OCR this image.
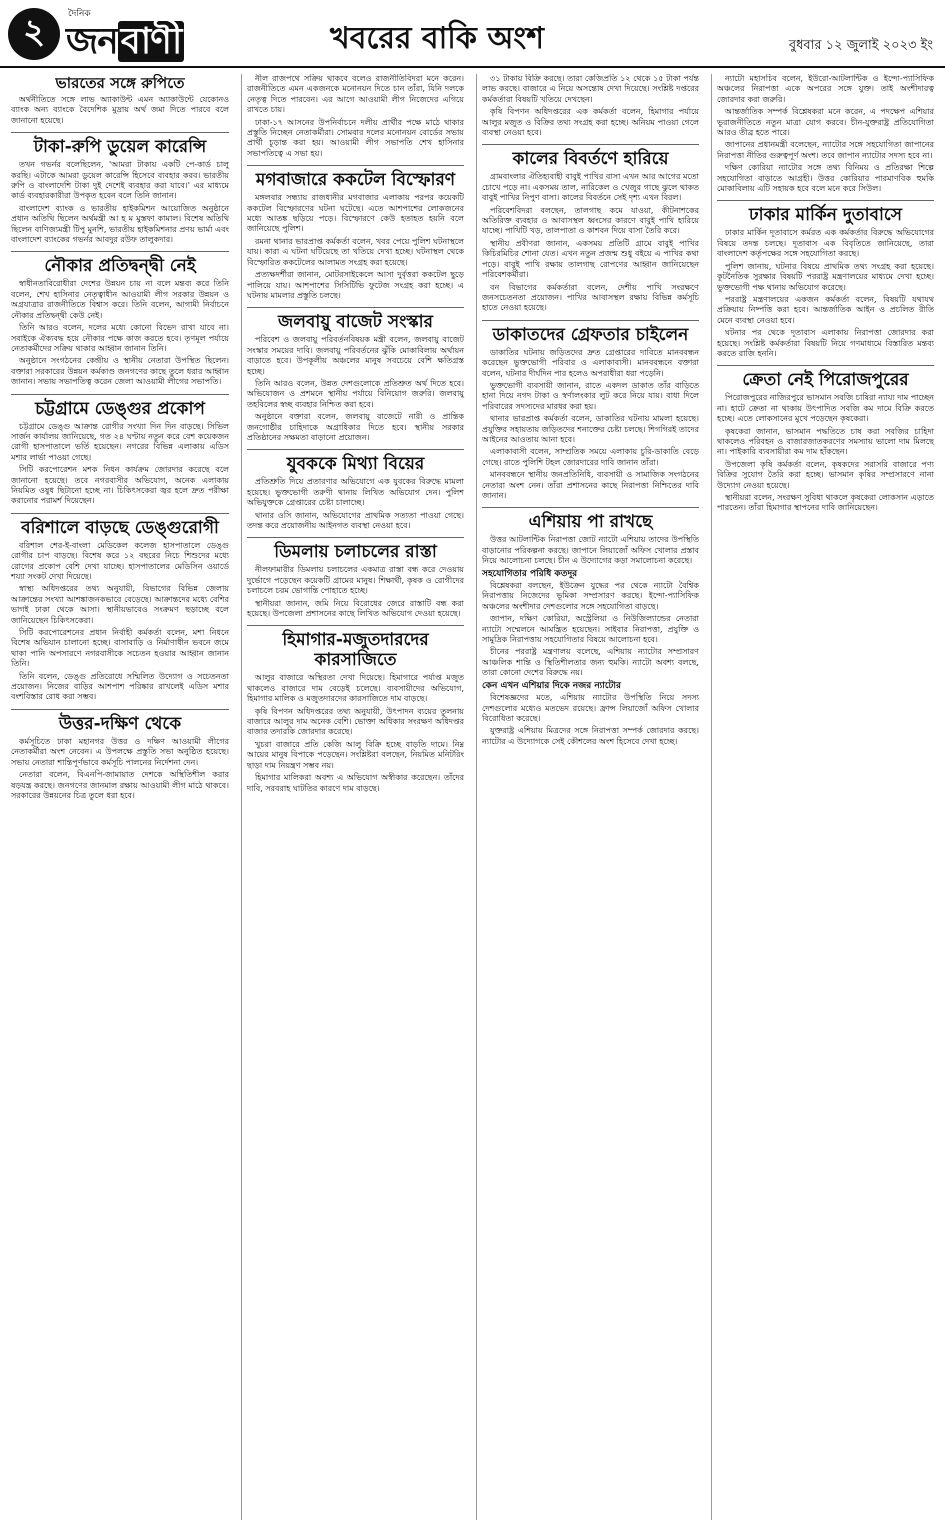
২	দৈনিক
জনবাণী	খবরের বাকি অংশ	বুধবার ১২ জুলাই ২০২৩ ইং
ভারতের সঙ্গে রুপিতে

অর্থনীতিতে সঙ্গে লাভ অ্যাকাউন্ট এমন অ্যাকাউন্টে যেকোনও ব্যাংক অন্য ব্যাংকে বৈদেশিক মুদ্রায় অর্থ জমা দিতে পারবে বলে জানানো হয়েছে।

টাকা-রুপি ডুয়েল কারেন্সি

তখন গভর্নর বলেছিলেন, 'আমরা টাকায় একটি পে-কার্ড চালু করছি। এটাকে আমরা ডুয়েল কারেন্সি হিসেবে ব্যবহার করব। ভারতীয় রুপি ও বাংলাদেশি টাকা দুই দেশেই ব্যবহার করা যাবে।' এর মাধ্যমে কার্ড ব্যবহারকারীরা উপকৃত হবেন বলে তিনি জানান।

বাংলাদেশ ব্যাংক ও ভারতীয় হাইকমিশন আয়োজিত অনুষ্ঠানে প্রধান অতিথি ছিলেন অর্থমন্ত্রী আ হ ম মুস্তফা কামাল। বিশেষ অতিথি ছিলেন বাণিজ্যমন্ত্রী টিপু মুনশি, ভারতীয় হাইকমিশনার প্রণয় ভার্মা এবং বাংলাদেশ ব্যাংকের গভর্নর আবদুর রউফ তালুকদার।

নৌকার প্রতিদ্বন্দ্বী নেই

স্বাধীনতাবিরোধীরা দেশের উন্নয়ন চায় না বলে মন্তব্য করে তিনি বলেন, শেখ হাসিনার নেতৃত্বাধীন আওয়ামী লীগ সরকার উন্নয়ন ও অগ্রযাত্রার রাজনীতিতে বিশ্বাস করে। তিনি বলেন, আগামী নির্বাচনে নৌকার প্রতিদ্বন্দ্বী কেউ নেই।

তিনি আরও বলেন, দলের মধ্যে কোনো বিভেদ রাখা যাবে না। সবাইকে ঐক্যবদ্ধ হয়ে নৌকার পক্ষে কাজ করতে হবে। তৃণমূল পর্যায়ে নেতাকর্মীদের সক্রিয় থাকার আহ্বান জানান তিনি।

অনুষ্ঠানে সংগঠনের কেন্দ্রীয় ও স্থানীয় নেতারা উপস্থিত ছিলেন। বক্তারা সরকারের উন্নয়ন কর্মকাণ্ড জনগণের কাছে তুলে ধরার আহ্বান জানান। সভায় সভাপতিত্ব করেন জেলা আওয়ামী লীগের সভাপতি।

চট্টগ্রামে ডেঙ্গুর প্রকোপ

চট্টগ্রামে ডেঙ্গু আক্রান্ত রোগীর সংখ্যা দিন দিন বাড়ছে। সিভিল সার্জন কার্যালয় জানিয়েছে, গত ২৪ ঘণ্টায় নতুন করে বেশ কয়েকজন রোগী হাসপাতালে ভর্তি হয়েছেন। নগরের বিভিন্ন এলাকায় এডিস মশার লার্ভা পাওয়া গেছে।

সিটি করপোরেশন মশক নিধন কার্যক্রম জোরদার করেছে বলে জানানো হয়েছে। তবে নগরবাসীর অভিযোগ, অনেক এলাকায় নিয়মিত ওষুধ ছিটানো হচ্ছে না। চিকিৎসকেরা জ্বর হলে দ্রুত পরীক্ষা করানোর পরামর্শ দিয়েছেন।

বরিশালে বাড়ছে ডেঙ্গুরোগী

বরিশাল শের-ই-বাংলা মেডিকেল কলেজ হাসপাতালে ডেঙ্গু রোগীর চাপ বাড়ছে। বিশেষ করে ১২ বছরের নিচে শিশুদের মধ্যে রোগের প্রকোপ বেশি দেখা যাচ্ছে। হাসপাতালের মেডিসিন ওয়ার্ডে শয্যা সংকট দেখা দিয়েছে।

স্বাস্থ্য অধিদপ্তরের তথ্য অনুযায়ী, বিভাগের বিভিন্ন জেলায় আক্রান্তের সংখ্যা আশঙ্কাজনকভাবে বেড়েছে। আক্রান্তদের মধ্যে বেশির ভাগই ঢাকা থেকে আসা। স্থানীয়ভাবেও সংক্রমণ ছড়াচ্ছে বলে জানিয়েছেন চিকিৎসকেরা।

সিটি করপোরেশনের প্রধান নির্বাহী কর্মকর্তা বলেন, মশা নিধনে বিশেষ অভিযান চালানো হচ্ছে। বাসাবাড়ি ও নির্মাণাধীন ভবনে জমে থাকা পানি অপসারণে নগরবাসীকে সচেতন হওয়ার আহ্বান জানান তিনি।

তিনি বলেন, ডেঙ্গু প্রতিরোধে সম্মিলিত উদ্যোগ ও সচেতনতা প্রয়োজন। নিজের বাড়ির আশপাশ পরিষ্কার রাখলেই এডিস মশার বংশবিস্তার রোধ করা সম্ভব।

উত্তর-দক্ষিণ থেকে

কর্মসূচিতে ঢাকা মহানগর উত্তর ও দক্ষিণ আওয়ামী লীগের নেতাকর্মীরা অংশ নেবেন। এ উপলক্ষে প্রস্তুতি সভা অনুষ্ঠিত হয়েছে। সভায় নেতারা শান্তিপূর্ণভাবে কর্মসূচি পালনের নির্দেশনা দেন।

নেতারা বলেন, বিএনপি-জামায়াত দেশকে অস্থিতিশীল করার ষড়যন্ত্র করছে। জনগণের জানমাল রক্ষায় আওয়ামী লীগ মাঠে থাকবে। সরকারের উন্নয়নের চিত্র তুলে ধরা হবে।

নীল রাজপথে সক্রিয় থাকবে বলেও রাজনীতিবিদরা মনে করেন। রাজনীতিতে এমন একজনকে মনোনয়ন দিতে চান তাঁরা, যিনি দলকে নেতৃত্ব দিতে পারবেন। এর আগে আওয়ামী লীগ নিজেদের এগিয়ে রাখতে চায়।

ঢাকা-১৭ আসনের উপনির্বাচনে দলীয় প্রার্থীর পক্ষে মাঠে থাকার প্রস্তুতি নিচ্ছেন নেতাকর্মীরা। সোমবার দলের মনোনয়ন বোর্ডের সভায় প্রার্থী চূড়ান্ত করা হয়। আওয়ামী লীগ সভাপতি শেখ হাসিনার সভাপতিত্বে এ সভা হয়।

মগবাজারে ককটেল বিস্ফোরণ

মঙ্গলবার সন্ধ্যায় রাজধানীর মগবাজার এলাকায় পরপর কয়েকটি ককটেল বিস্ফোরণের ঘটনা ঘটেছে। এতে আশপাশের লোকজনের মধ্যে আতঙ্ক ছড়িয়ে পড়ে। বিস্ফোরণে কেউ হতাহত হয়নি বলে জানিয়েছে পুলিশ।

রমনা থানার ভারপ্রাপ্ত কর্মকর্তা বলেন, খবর পেয়ে পুলিশ ঘটনাস্থলে যায়। কারা এ ঘটনা ঘটিয়েছে তা খতিয়ে দেখা হচ্ছে। ঘটনাস্থল থেকে বিস্ফোরিত ককটেলের আলামত সংগ্রহ করা হয়েছে।

প্রত্যক্ষদর্শীরা জানান, মোটরসাইকেলে আসা দুর্বৃত্তরা ককটেল ছুড়ে পালিয়ে যায়। আশপাশের সিসিটিভি ফুটেজ সংগ্রহ করা হচ্ছে। এ ঘটনায় মামলার প্রস্তুতি চলছে।

জলবায়ু বাজেট সংস্কার

পরিবেশ ও জলবায়ু পরিবর্তনবিষয়ক মন্ত্রী বলেন, জলবায়ু বাজেট সংস্কার সময়ের দাবি। জলবায়ু পরিবর্তনের ঝুঁকি মোকাবিলায় অর্থায়ন বাড়াতে হবে। উপকূলীয় অঞ্চলের মানুষ সবচেয়ে বেশি ক্ষতিগ্রস্ত হচ্ছে।

তিনি আরও বলেন, উন্নত দেশগুলোকে প্রতিশ্রুত অর্থ দিতে হবে। অভিযোজন ও প্রশমনে স্থানীয় পর্যায়ে বিনিয়োগ জরুরি। জলবায়ু তহবিলের স্বচ্ছ ব্যবহার নিশ্চিত করা হবে।

অনুষ্ঠানে বক্তারা বলেন, জলবায়ু বাজেটে নারী ও প্রান্তিক জনগোষ্ঠীর চাহিদাকে অগ্রাধিকার দিতে হবে। স্থানীয় সরকার প্রতিষ্ঠানের সক্ষমতা বাড়ানো প্রয়োজন।

যুবককে মিথ্যা বিয়ের

প্রতিশ্রুতি দিয়ে প্রতারণার অভিযোগে এক যুবকের বিরুদ্ধে মামলা হয়েছে। ভুক্তভোগী তরুণী থানায় লিখিত অভিযোগ দেন। পুলিশ অভিযুক্তকে গ্রেপ্তারের চেষ্টা চালাচ্ছে।

থানার ওসি জানান, অভিযোগের প্রাথমিক সত্যতা পাওয়া গেছে। তদন্ত করে প্রয়োজনীয় আইনগত ব্যবস্থা নেওয়া হবে।

ডিমলায় চলাচলের রাস্তা

নীলফামারীর ডিমলায় চলাচলের একমাত্র রাস্তা বন্ধ করে দেওয়ায় দুর্ভোগে পড়েছেন কয়েকটি গ্রামের মানুষ। শিক্ষার্থী, কৃষক ও রোগীদের চলাচলে চরম ভোগান্তি পোহাতে হচ্ছে।

স্থানীয়রা জানান, জমি নিয়ে বিরোধের জেরে রাস্তাটি বন্ধ করা হয়েছে। উপজেলা প্রশাসনের কাছে লিখিত অভিযোগ দেওয়া হয়েছে।

হিমাগার-মজুতদারদের কারসাজিতে

আলুর বাজারে অস্থিরতা দেখা দিয়েছে। হিমাগারে পর্যাপ্ত মজুত থাকলেও বাজারে দাম বেড়েই চলেছে। ব্যবসায়ীদের অভিযোগ, হিমাগার মালিক ও মজুতদারদের কারসাজিতে দাম বাড়ছে।

কৃষি বিপণন অধিদপ্তরের তথ্য অনুযায়ী, উৎপাদন ব্যয়ের তুলনায় বাজারে আলুর দাম অনেক বেশি। ভোক্তা অধিকার সংরক্ষণ অধিদপ্তর বাজার তদারকি জোরদার করেছে।

খুচরা বাজারে প্রতি কেজি আলু বিক্রি হচ্ছে বাড়তি দামে। নিম্ন আয়ের মানুষ বিপাকে পড়েছেন। সংশ্লিষ্টরা বলছেন, নিয়মিত মনিটরিং ছাড়া দাম নিয়ন্ত্রণ সম্ভব নয়।

হিমাগার মালিকরা অবশ্য এ অভিযোগ অস্বীকার করেছেন। তাঁদের দাবি, সরবরাহ ঘাটতির কারণে দাম বাড়ছে।

৩১ টাকায় বিক্রি করছে। তারা কেজিপ্রতি ১২ থেকে ১৫ টাকা পর্যন্ত লাভ করছে। বাজারে এ নিয়ে অসন্তোষ দেখা দিয়েছে। সংশ্লিষ্ট দপ্তরের কর্মকর্তারা বিষয়টি খতিয়ে দেখছেন।

কৃষি বিপণন অধিদপ্তরের এক কর্মকর্তা বলেন, হিমাগার পর্যায়ে আলুর মজুত ও বিক্রির তথ্য সংগ্রহ করা হচ্ছে। অনিয়ম পাওয়া গেলে ব্যবস্থা নেওয়া হবে।

কালের বিবর্তণে হারিয়ে

গ্রামবাংলার ঐতিহ্যবাহী বাবুই পাখির বাসা এখন আর আগের মতো চোখে পড়ে না। একসময় তাল, নারিকেল ও খেজুর গাছে ঝুলে থাকত বাবুই পাখির নিপুণ বাসা। কালের বিবর্তনে সেই দৃশ্য এখন বিরল।

পরিবেশবিদরা বলছেন, তালগাছ কমে যাওয়া, কীটনাশকের অতিরিক্ত ব্যবহার ও আবাসস্থল ধ্বংসের কারণে বাবুই পাখি হারিয়ে যাচ্ছে। পাখিটি খড়, তালপাতা ও কাশবন দিয়ে বাসা তৈরি করে।

স্থানীয় প্রবীণরা জানান, একসময় প্রতিটি গ্রামে বাবুই পাখির কিচিরমিচির শোনা যেত। এখন নতুন প্রজন্ম শুধু বইয়ে এ পাখির কথা পড়ে। বাবুই পাখি রক্ষায় তালগাছ রোপণের আহ্বান জানিয়েছেন পরিবেশকর্মীরা।

বন বিভাগের কর্মকর্তারা বলেন, দেশীয় পাখি সংরক্ষণে জনসচেতনতা প্রয়োজন। পাখির আবাসস্থল রক্ষায় বিভিন্ন কর্মসূচি হাতে নেওয়া হয়েছে।

ডাকাতদের গ্রেফতার চাইলেন

ডাকাতির ঘটনায় জড়িতদের দ্রুত গ্রেপ্তারের দাবিতে মানববন্ধন করেছেন ভুক্তভোগী পরিবার ও এলাকাবাসী। মানববন্ধনে বক্তারা বলেন, ঘটনার দীর্ঘদিন পার হলেও অপরাধীরা ধরা পড়েনি।

ভুক্তভোগী ব্যবসায়ী জানান, রাতে একদল ডাকাত তাঁর বাড়িতে হানা দিয়ে নগদ টাকা ও স্বর্ণালংকার লুট করে নিয়ে যায়। বাধা দিলে পরিবারের সদস্যদের মারধর করা হয়।

থানার ভারপ্রাপ্ত কর্মকর্তা বলেন, ডাকাতির ঘটনায় মামলা হয়েছে। প্রযুক্তির সহায়তায় জড়িতদের শনাক্তের চেষ্টা চলছে। শিগগিরই তাদের আইনের আওতায় আনা হবে।

এলাকাবাসী বলেন, সাম্প্রতিক সময়ে এলাকায় চুরি-ডাকাতি বেড়ে গেছে। রাতে পুলিশি টহল জোরদারের দাবি জানান তাঁরা।

মানববন্ধনে স্থানীয় জনপ্রতিনিধি, ব্যবসায়ী ও সামাজিক সংগঠনের নেতারা অংশ নেন। তাঁরা প্রশাসনের কাছে নিরাপত্তা নিশ্চিতের দাবি জানান।

এশিয়ায় পা রাখছে

উত্তর আটলান্টিক নিরাপত্তা জোট ন্যাটো এশিয়ায় তাদের উপস্থিতি বাড়ানোর পরিকল্পনা করছে। জাপানে লিয়াজোঁ অফিস খোলার প্রস্তাব নিয়ে আলোচনা চলছে। চীন এ উদ্যোগের কড়া সমালোচনা করেছে।

সহযোগিতার পরিধি কতদূর

বিশ্লেষকরা বলছেন, ইউক্রেন যুদ্ধের পর থেকে ন্যাটো বৈশ্বিক নিরাপত্তায় নিজেদের ভূমিকা সম্প্রসারণ করছে। ইন্দো-প্যাসিফিক অঞ্চলের অংশীদার দেশগুলোর সঙ্গে সহযোগিতা বাড়ছে।

জাপান, দক্ষিণ কোরিয়া, অস্ট্রেলিয়া ও নিউজিল্যান্ডের নেতারা ন্যাটো সম্মেলনে আমন্ত্রিত হয়েছেন। সাইবার নিরাপত্তা, প্রযুক্তি ও সামুদ্রিক নিরাপত্তায় সহযোগিতার বিষয়ে আলোচনা হবে।

চীনের পররাষ্ট্র মন্ত্রণালয় বলেছে, এশিয়ায় ন্যাটোর সম্প্রসারণ আঞ্চলিক শান্তি ও স্থিতিশীলতার জন্য হুমকি। ন্যাটো অবশ্য বলছে, তারা কোনো দেশের বিরুদ্ধে নয়।

কেন এখন এশিয়ার দিকে নজর ন্যাটোর

বিশেষজ্ঞদের মতে, এশিয়ায় ন্যাটোর উপস্থিতি নিয়ে সদস্য দেশগুলোর মধ্যেও মতভেদ রয়েছে। ফ্রান্স লিয়াজোঁ অফিস খোলার বিরোধিতা করেছে।

যুক্তরাষ্ট্র এশিয়ায় মিত্রদের সঙ্গে নিরাপত্তা সম্পর্ক জোরদার করছে। ন্যাটোর এ উদ্যোগকে সেই কৌশলের অংশ হিসেবে দেখা হচ্ছে।

ন্যাটো মহাসচিব বলেন, ইউরো-আটলান্টিক ও ইন্দো-প্যাসিফিক অঞ্চলের নিরাপত্তা একে অপরের সঙ্গে যুক্ত। তাই অংশীদারত্ব জোরদার করা জরুরি।

আন্তর্জাতিক সম্পর্ক বিশ্লেষকরা মনে করেন, এ পদক্ষেপ এশিয়ার ভূরাজনীতিতে নতুন মাত্রা যোগ করবে। চীন-যুক্তরাষ্ট্র প্রতিযোগিতা আরও তীব্র হতে পারে।

জাপানের প্রধানমন্ত্রী বলেছেন, ন্যাটোর সঙ্গে সহযোগিতা জাপানের নিরাপত্তা নীতির গুরুত্বপূর্ণ অংশ। তবে জাপান ন্যাটোর সদস্য হবে না।

দক্ষিণ কোরিয়া ন্যাটোর সঙ্গে তথ্য বিনিময় ও প্রতিরক্ষা শিল্পে সহযোগিতা বাড়াতে আগ্রহী। উত্তর কোরিয়ার পারমাণবিক হুমকি মোকাবিলায় এটি সহায়ক হবে বলে মনে করে সিউল।

ঢাকার মার্কিন দুতাবাসে

ঢাকার মার্কিন দূতাবাসে কর্মরত এক কর্মকর্তার বিরুদ্ধে অভিযোগের বিষয়ে তদন্ত চলছে। দূতাবাস এক বিবৃতিতে জানিয়েছে, তারা বাংলাদেশ কর্তৃপক্ষের সঙ্গে সহযোগিতা করছে।

পুলিশ জানায়, ঘটনার বিষয়ে প্রাথমিক তথ্য সংগ্রহ করা হয়েছে। কূটনৈতিক সুরক্ষার বিষয়টি পররাষ্ট্র মন্ত্রণালয়ের মাধ্যমে দেখা হচ্ছে। ভুক্তভোগী পক্ষ থানায় অভিযোগ করেছে।

পররাষ্ট্র মন্ত্রণালয়ের একজন কর্মকর্তা বলেন, বিষয়টি যথাযথ প্রক্রিয়ায় নিষ্পত্তি করা হবে। আন্তর্জাতিক আইন ও প্রচলিত রীতি মেনে ব্যবস্থা নেওয়া হবে।

ঘটনার পর থেকে দূতাবাস এলাকায় নিরাপত্তা জোরদার করা হয়েছে। সংশ্লিষ্ট কর্মকর্তারা বিষয়টি নিয়ে গণমাধ্যমে বিস্তারিত মন্তব্য করতে রাজি হননি।

ক্রেতা নেই পিরোজপুরের

পিরোজপুরের নাজিরপুরে ভাসমান সবজি চাষিরা ন্যায্য দাম পাচ্ছেন না। হাটে ক্রেতা না থাকায় উৎপাদিত সবজি কম দামে বিক্রি করতে হচ্ছে। এতে লোকসানের মুখে পড়েছেন কৃষকেরা।

কৃষকেরা জানান, ভাসমান পদ্ধতিতে চাষ করা সবজির চাহিদা থাকলেও পরিবহন ও বাজারজাতকরণের সমস্যায় ভালো দাম মিলছে না। পাইকারি ব্যবসায়ীরা কম দাম হাঁকছেন।

উপজেলা কৃষি কর্মকর্তা বলেন, কৃষকদের সরাসরি বাজারে পণ্য বিক্রির সুযোগ তৈরি করা হচ্ছে। ভাসমান কৃষির সম্প্রসারণে নানা উদ্যোগ নেওয়া হয়েছে।

স্থানীয়রা বলেন, সংরক্ষণ সুবিধা থাকলে কৃষকেরা লোকসান এড়াতে পারতেন। তাঁরা হিমাগার স্থাপনের দাবি জানিয়েছেন।
